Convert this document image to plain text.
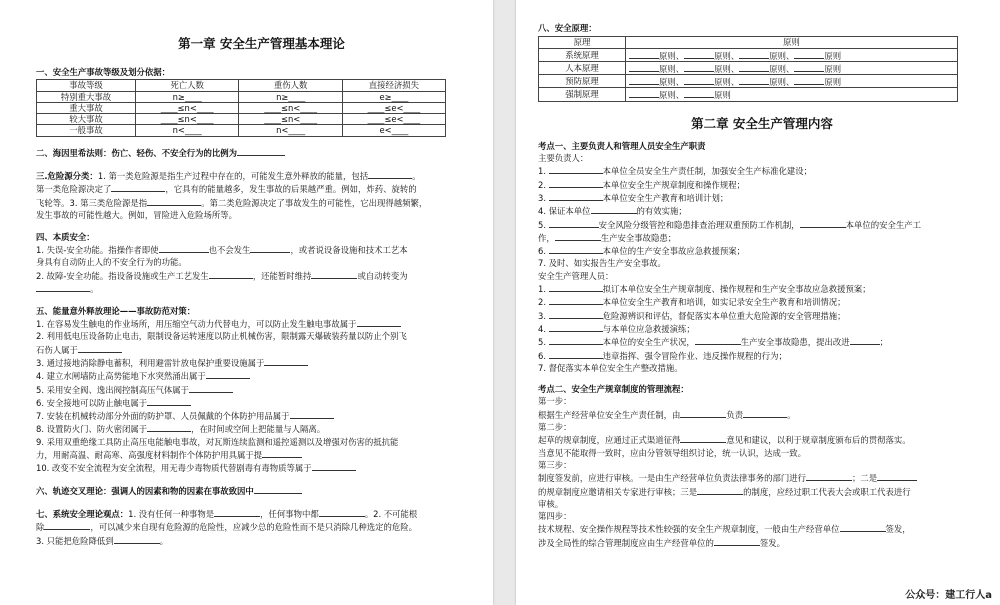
第一章 安全生产管理基本理论
一、安全生产事故等级及划分依据：
事故等级	死亡人数	重伤人数	直接经济损失
特别重大事故	n≥____	n≥____	e≥____
重大事故	____≤n<____	____≤n<____	____≤e<____
较大事故	____≤n<____	____≤n<____	____≤e<____
一般事故	n<____	n<____	e<____
二、海因里希法则：伤亡、轻伤、不安全行为的比例为
三.危险源分类：1. 第一类危险源是指生产过程中存在的，可能发生意外释放的能量，包括	。
第一类危险源决定了	，它具有的能量越多，发生事故的后果越严重。例如，炸药、旋转的
飞轮等。3. 第三类危险源是指	。第二类危险源决定了事故发生的可能性，它出现得越频繁，
发生事故的可能性越大。例如，冒险进入危险场所等。
四、本质安全：
1. 失误-安全功能。指操作者即使	也不会发生	，或者说设备设施和技术工艺本
身具有自动防止人的不安全行为的功能。
2. 故障-安全功能。指设备设施或生产工艺发生	，还能暂时维持	或自动转变为
。
五、能量意外释放理论——事故防范对策：
1. 在容易发生触电的作业场所，用压缩空气动力代替电力，可以防止发生触电事故属于
2. 利用低电压设备防止电击，限制设备运转速度以防止机械伤害，限制露天爆破装药量以防止个别飞
石伤人属于
3. 通过接地消除静电蓄积，利用避雷针放电保护重要设施属于
4. 建立水闸墙防止高势能地下水突然涌出属于
5. 采用安全阀、逸出阀控制高压气体属于
6. 安全接地可以防止触电属于
7. 安装在机械转动部分外面的防护罩、人员佩戴的个体防护用品属于
8. 设置防火门、防火密闭属于	，在时间或空间上把能量与人隔离。
9. 采用双重绝缘工具防止高压电能触电事故，对瓦斯连续监测和遥控遥测以及增强对伤害的抵抗能
力，用耐高温、耐高寒、高强度材料制作个体防护用具属于提
10. 改变不安全流程为安全流程，用无毒少毒物质代替剧毒有毒物质等属于
六、轨迹交叉理论：强调人的因素和物的因素在事故致因中
七、系统安全理论观点：1. 没有任何一种事物是	，任何事物中都	。2. 不可能根
除	，可以减少来自现有危险源的危险性，应减少总的危险性而不是只消除几种选定的危险。
3. 只能把危险降低到	。
八、安全原理：
原理	原则
系统原理	原则、 原则、 原则、 原则
人本原理	原则、 原则、 原则、 原则
预防原理	原则、 原则、 原则、 原则
强制原理	原则、 原则
第二章 安全生产管理内容
考点一、主要负责人和管理人员安全生产职责
主要负责人：
1.	本单位全员安全生产责任制，加强安全生产标准化建设；
2.	本单位安全生产规章制度和操作规程；
3.	本单位安全生产教育和培训计划；
4. 保证本单位	的有效实施；
5.	安全风险分级管控和隐患排查治理双重预防工作机制，	本单位的安全生产工
作，	生产安全事故隐患；
6.	本单位的生产安全事故应急救援预案；
7. 及时、如实报告生产安全事故。
安全生产管理人员：
1.	拟订本单位安全生产规章制度、操作规程和生产安全事故应急救援预案；
2.	本单位安全生产教育和培训，如实记录安全生产教育和培训情况；
3.	危险源辨识和评估，督促落实本单位重大危险源的安全管理措施；
4.	与本单位应急救援演练；
5.	本单位的安全生产状况，	生产安全事故隐患，提出改进	；
6.	违章指挥、强令冒险作业、违反操作规程的行为；
7. 督促落实本单位安全生产整改措施。
考点二、安全生产规章制度的管理流程：
第一步：
根据生产经营单位安全生产责任制，由	负责	。
第二步：
起草的规章制度，应通过正式渠道征得	意见和建议，以利于规章制度颁布后的贯彻落实。
当意见不能取得一致时，应由分管领导组织讨论，统一认识，达成一致。
第三步：
制度签发前，应进行审核。一是由生产经营单位负责法律事务的部门进行	；二是
的规章制度应邀请相关专家进行审核；三是	的制度，应经过职工代表大会或职工代表进行
审核。
第四步：
技术规程、安全操作规程等技术性较强的安全生产规章制度，一般由生产经营单位	签发，
涉及全局性的综合管理制度应由生产经营单位的	签发。
公众号：建工行人a
